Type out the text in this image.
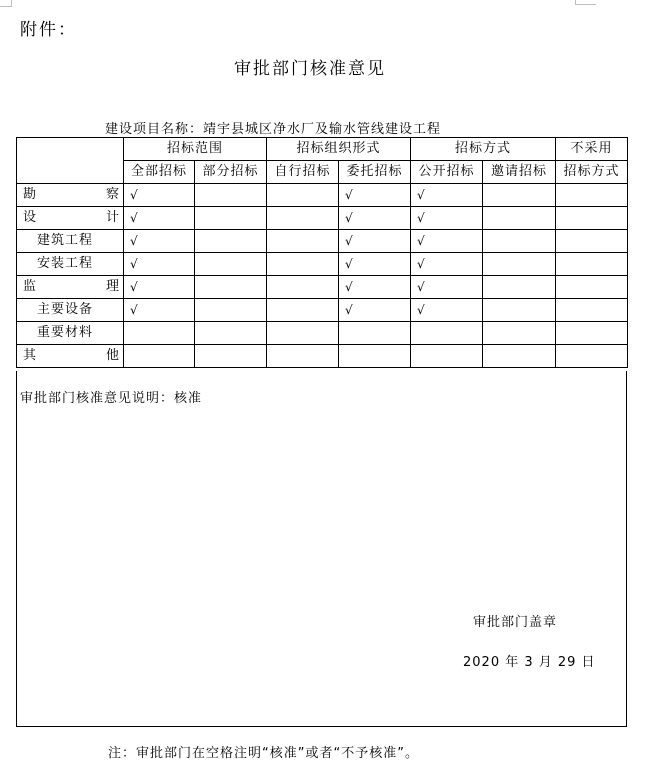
附件：
审批部门核准意见
建设项目名称：靖宇县城区净水厂及输水管线建设工程
	招标范围		招标组织形式		招标方式		不采用
	全部招标	部分招标	自行招标	委托招标	公开招标	邀请招标	招标方式
勘察	√			√	√		
设计	√			√	√		
建筑工程	√			√	√		
安装工程	√			√	√		
监理	√			√	√		
主要设备	√			√	√		
重要材料							
其他							
审批部门核准意见说明：核准
审批部门盖章
2020 年 3 月 29 日
注：审批部门在空格注明“核准”或者“不予核准”。
